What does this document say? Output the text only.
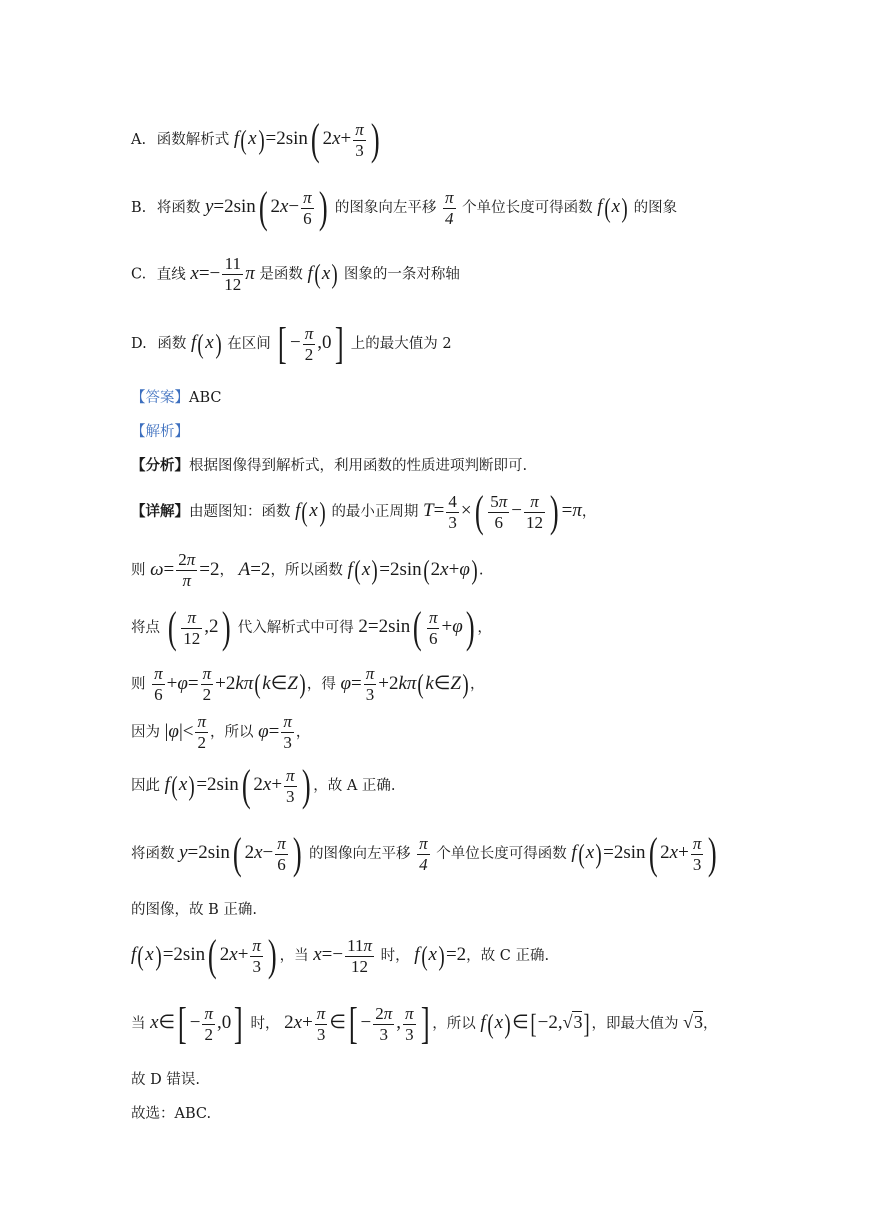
A. 函数解析式 f(x)=2sin( $2x+ \frac{\pi}{3}$ )
B. 将函数 y=2sin( $2x- \frac{\pi}{6}$ ) 的图象向左平移 $\frac{\pi}{4}$ 个单位长度可得函数 f(x) 的图象
C. 直线 $x=- \frac{11}{12}$ π 是函数 f(x) 图象的一条对称轴
D. 函数 f(x) 在区间 [ − $\frac{\pi}{2} ,0$] 上的最大值为 2
【答案】ABC
【解析】
【分析】根据图像得到解析式，利用函数的性质进项判断即可.
【详解】由题图知：函数 f(x) 的最小正周期 $T= \frac{4}{3}$ ×( $\frac{5\pi}{6} - \frac{\pi}{12}$ ) =π，
则 $\omega= \frac{2\pi}{\pi} =2$， A=2，所以函数 f(x)=2sin(2x+φ).
将点 ( $\frac{\pi}{12} ,2$) 代入解析式中可得 $2=2\sin( \frac{\pi}{6} +\varphi)$ ，
则 $\frac{\pi}{6} +\varphi= \frac{\pi}{2}$ +2kπ(k∈Z)，得 $\varphi= \frac{\pi}{3}$ +2kπ(k∈Z)，
因为 $|\varphi|< \frac{\pi}{2}$ ，所以 $\varphi= \frac{\pi}{3}$ ，
因此 f(x)=2sin( $2x+ \frac{\pi}{3}$ ) ，故 A 正确.
将函数 y=2sin( $2x- \frac{\pi}{6}$ ) 的图像向左平移 $\frac{\pi}{4}$ 个单位长度可得函数 f(x)=2sin( $2x+ \frac{\pi}{3}$ )
的图像，故 B 正确.
f(x)=2sin( $2x+ \frac{\pi}{3}$ ) ，当 $x=- \frac{11\pi}{12}$ 时， f(x)=2，故 C 正确.
当 x∈[ − $\frac{\pi}{2} ,0$] 时， $2x+ \frac{\pi}{3}$ ∈[ − $\frac{2\pi}{3}$ , $\frac{\pi}{3}$ ] ，所以 f(x)∈[−2,√3]，即最大值为 √3，
故 D 错误.
故选：ABC.
